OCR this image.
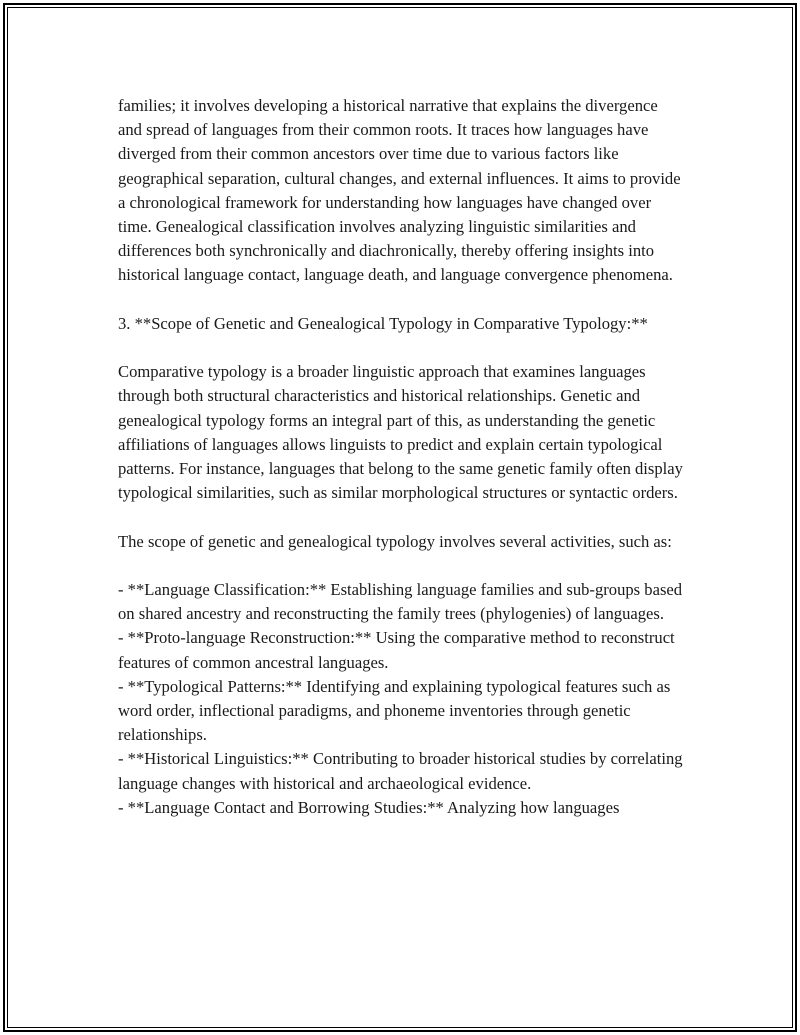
families; it involves developing a historical narrative that explains the divergence and spread of languages from their common roots. It traces how languages have diverged from their common ancestors over time due to various factors like geographical separation, cultural changes, and external influences. It aims to provide a chronological framework for understanding how languages have changed over time. Genealogical classification involves analyzing linguistic similarities and differences both synchronically and diachronically, thereby offering insights into historical language contact, language death, and language convergence phenomena.

3. **Scope of Genetic and Genealogical Typology in Comparative Typology:**

Comparative typology is a broader linguistic approach that examines languages through both structural characteristics and historical relationships. Genetic and genealogical typology forms an integral part of this, as understanding the genetic affiliations of languages allows linguists to predict and explain certain typological patterns. For instance, languages that belong to the same genetic family often display typological similarities, such as similar morphological structures or syntactic orders.

The scope of genetic and genealogical typology involves several activities, such as:

- **Language Classification:** Establishing language families and sub-groups based on shared ancestry and reconstructing the family trees (phylogenies) of languages.

- **Proto-language Reconstruction:** Using the comparative method to reconstruct features of common ancestral languages.

- **Typological Patterns:** Identifying and explaining typological features such as word order, inflectional paradigms, and phoneme inventories through genetic relationships.

- **Historical Linguistics:** Contributing to broader historical studies by correlating language changes with historical and archaeological evidence.

- **Language Contact and Borrowing Studies:** Analyzing how languages
